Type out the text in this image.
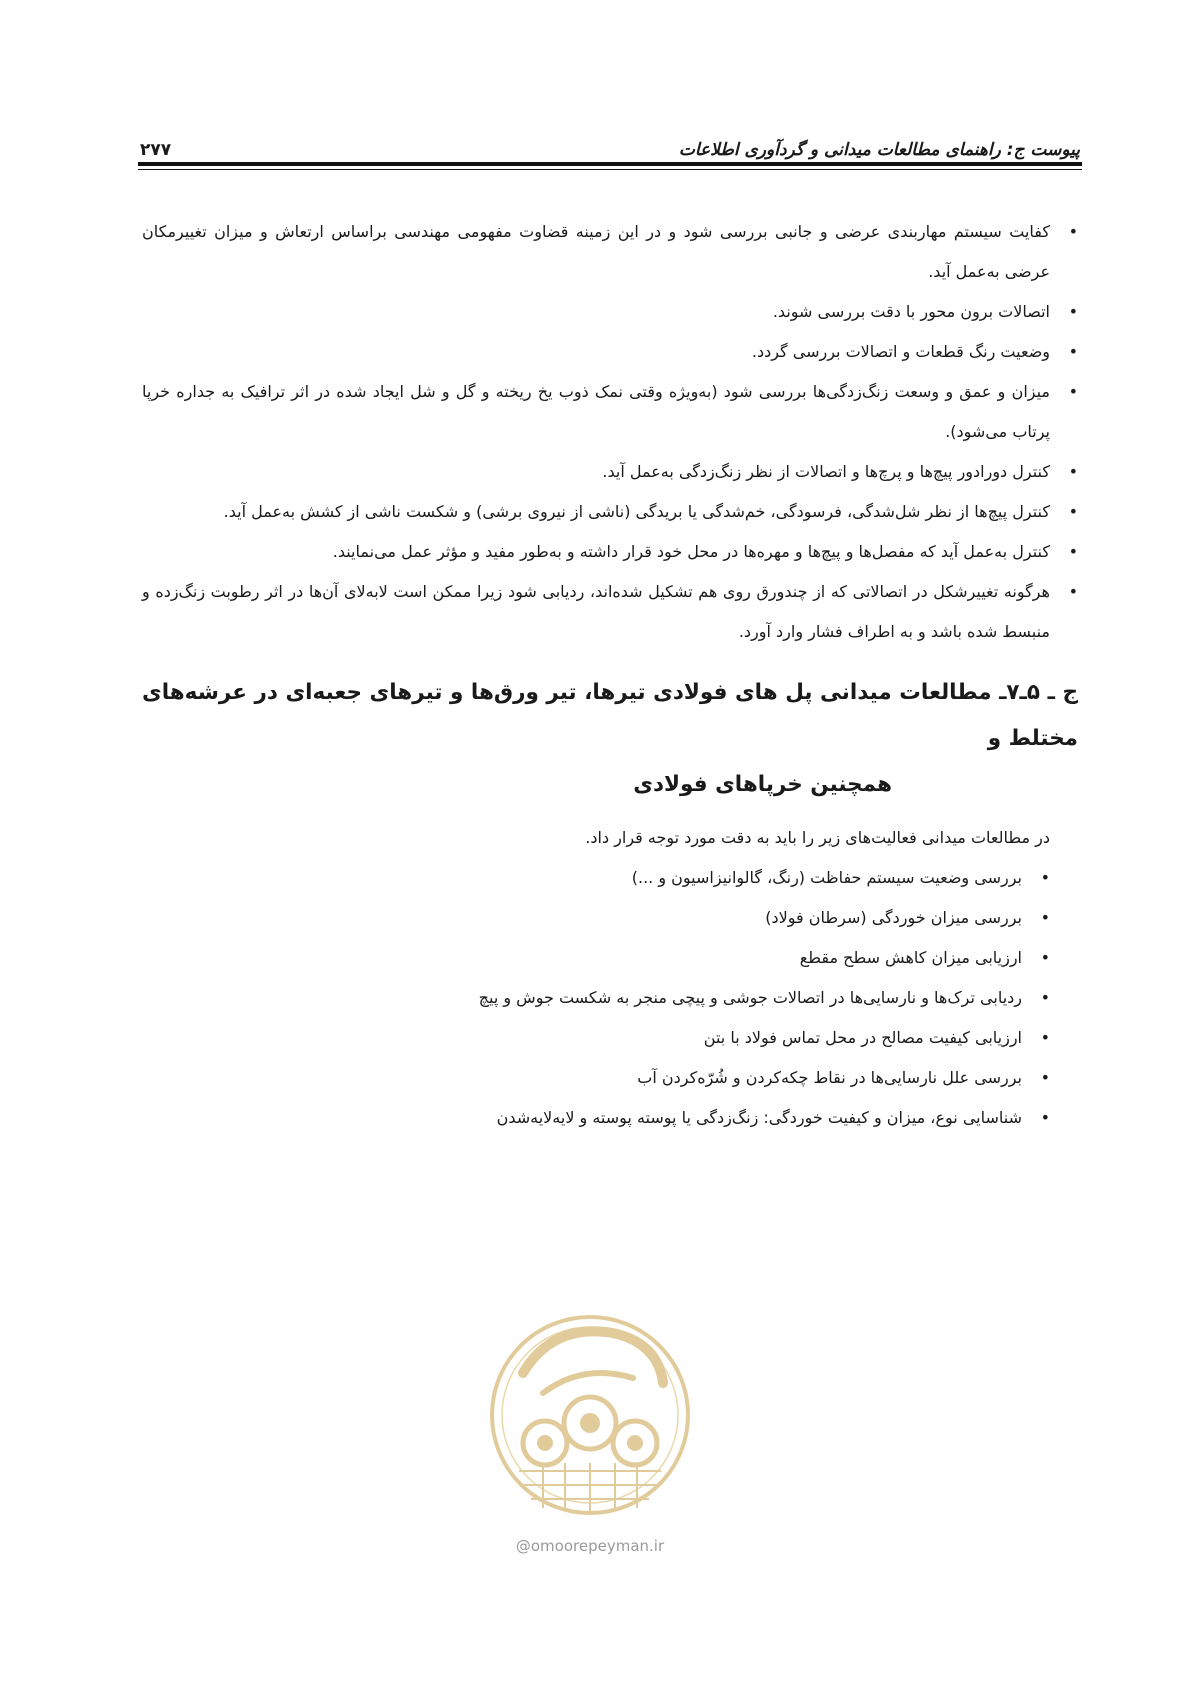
۲۷۷	پیوست ج: راهنمای مطالعات میدانی و گردآوری اطلاعات
•
کفایت سیستم مهاربندی عرضی و جانبی بررسی شود و در این زمینه قضاوت مفهومی مهندسی براساس ارتعاش و میزان تغییرمکان عرضی به‌عمل آید.
•
اتصالات برون محور با دقت بررسی شوند.
•
وضعیت رنگ قطعات و اتصالات بررسی گردد.
•
میزان و عمق و وسعت زنگ‌زدگی‌ها بررسی شود (به‌ویژه وقتی نمک ذوب یخ ریخته و گل و شل ایجاد شده در اثر ترافیک به جداره خرپا پرتاب می‌شود).
•
کنترل دورادور پیچ‌ها و پرچ‌ها و اتصالات از نظر زنگ‌زدگی به‌عمل آید.
•
کنترل پیچ‌ها از نظر شل‌شدگی، فرسودگی، خم‌شدگی یا بریدگی (ناشی از نیروی برشی) و شکست ناشی از کشش به‌عمل آید.
•
کنترل به‌عمل آید که مفصل‌ها و پیچ‌ها و مهره‌ها در محل خود قرار داشته و به‌طور مفید و مؤثر عمل می‌نمایند.
•
هرگونه تغییرشکل در اتصالاتی که از چندورق روی هم تشکیل شده‌اند، ردیابی شود زیرا ممکن است لابه‌لای آن‌ها در اثر رطوبت زنگ‌زده و منبسط شده باشد و به اطراف فشار وارد آورد.
ج ـ ۵ـ۷ـ مطالعات میدانی پل های فولادی تیرها، تیر ورق‌ها و تیرهای جعبه‌ای در عرشه‌های مختلط و
همچنین خرپاهای فولادی
در مطالعات میدانی فعالیت‌های زیر را باید به دقت مورد توجه قرار داد.
•
بررسی وضعیت سیستم حفاظت (رنگ، گالوانیزاسیون و ...)
•
بررسی میزان خوردگی (سرطان فولاد)
•
ارزیابی میزان کاهش سطح مقطع
•
ردیابی ترک‌ها و نارسایی‌ها در اتصالات جوشی و پیچی منجر به شکست جوش و پیچ
•
ارزیابی کیفیت مصالح در محل تماس فولاد با بتن
•
بررسی علل نارسایی‌ها در نقاط چکه‌کردن و شُرّه‌کردن آب
•
شناسایی نوع، میزان و کیفیت خوردگی: زنگ‌زدگی یا پوسته پوسته و لایه‌لایه‌شدن
@omoorepeyman.ir
